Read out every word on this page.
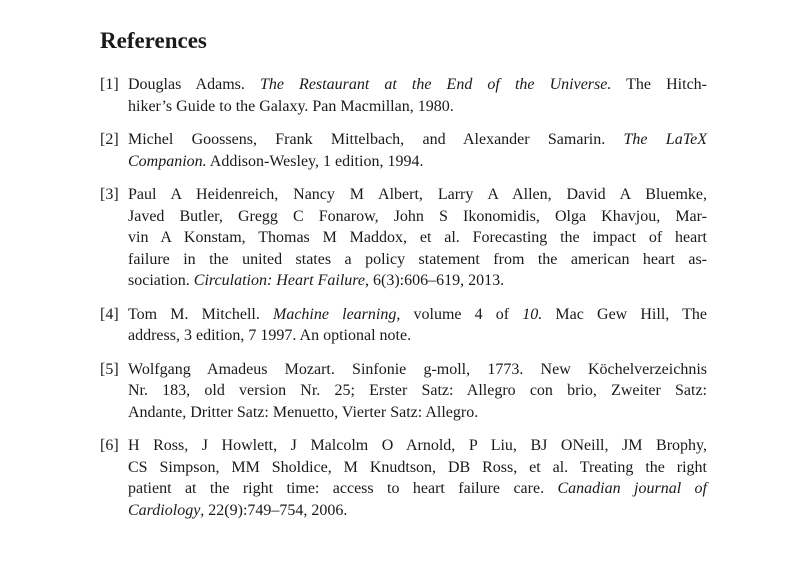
References
[1] Douglas Adams. The Restaurant at the End of the Universe. The Hitch-
hiker’s Guide to the Galaxy. Pan Macmillan, 1980.
[2] Michel Goossens, Frank Mittelbach, and Alexander Samarin. The LaTeX
Companion. Addison-Wesley, 1 edition, 1994.
[3] Paul A Heidenreich, Nancy M Albert, Larry A Allen, David A Bluemke,
Javed Butler, Gregg C Fonarow, John S Ikonomidis, Olga Khavjou, Mar-
vin A Konstam, Thomas M Maddox, et al. Forecasting the impact of heart
failure in the united states a policy statement from the american heart as-
sociation. Circulation: Heart Failure, 6(3):606–619, 2013.
[4] Tom M. Mitchell. Machine learning, volume 4 of 10. Mac Gew Hill, The
address, 3 edition, 7 1997. An optional note.
[5] Wolfgang Amadeus Mozart. Sinfonie g-moll, 1773. New Köchelverzeichnis
Nr. 183, old version Nr. 25; Erster Satz: Allegro con brio, Zweiter Satz:
Andante, Dritter Satz: Menuetto, Vierter Satz: Allegro.
[6] H Ross, J Howlett, J Malcolm O Arnold, P Liu, BJ ONeill, JM Brophy,
CS Simpson, MM Sholdice, M Knudtson, DB Ross, et al. Treating the right
patient at the right time: access to heart failure care. Canadian journal of
Cardiology, 22(9):749–754, 2006.
